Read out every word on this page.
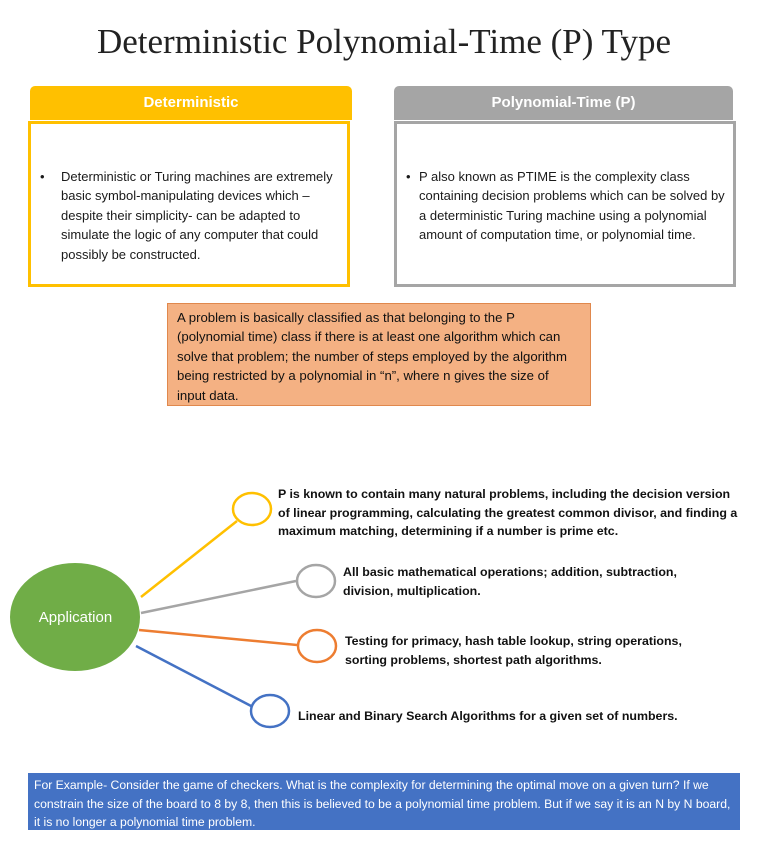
Deterministic Polynomial-Time (P) Type
Deterministic
• Deterministic or Turing machines are extremely basic symbol-manipulating devices which –despite their simplicity- can be adapted to simulate the logic of any computer that could possibly be constructed.
Polynomial-Time (P)
• P also known as PTIME is the complexity class containing decision problems which can be solved by a deterministic Turing machine using a polynomial amount of computation time, or polynomial time.
A problem is basically classified as that belonging to the P (polynomial time) class if there is at least one algorithm which can solve that problem; the number of steps employed by the algorithm being restricted by a polynomial in “n”, where n gives the size of input data.
Application
P is known to contain many natural problems, including the decision version of linear programming, calculating the greatest common divisor, and finding a maximum matching, determining if a number is prime etc.
All basic mathematical operations; addition, subtraction, division, multiplication.
Testing for primacy, hash table lookup, string operations, sorting problems, shortest path algorithms.
Linear and Binary Search Algorithms for a given set of numbers.
For Example- Consider the game of checkers. What is the complexity for determining the optimal move on a given turn? If we constrain the size of the board to 8 by 8, then this is believed to be a polynomial time problem. But if we say it is an N by N board, it is no longer a polynomial time problem.
